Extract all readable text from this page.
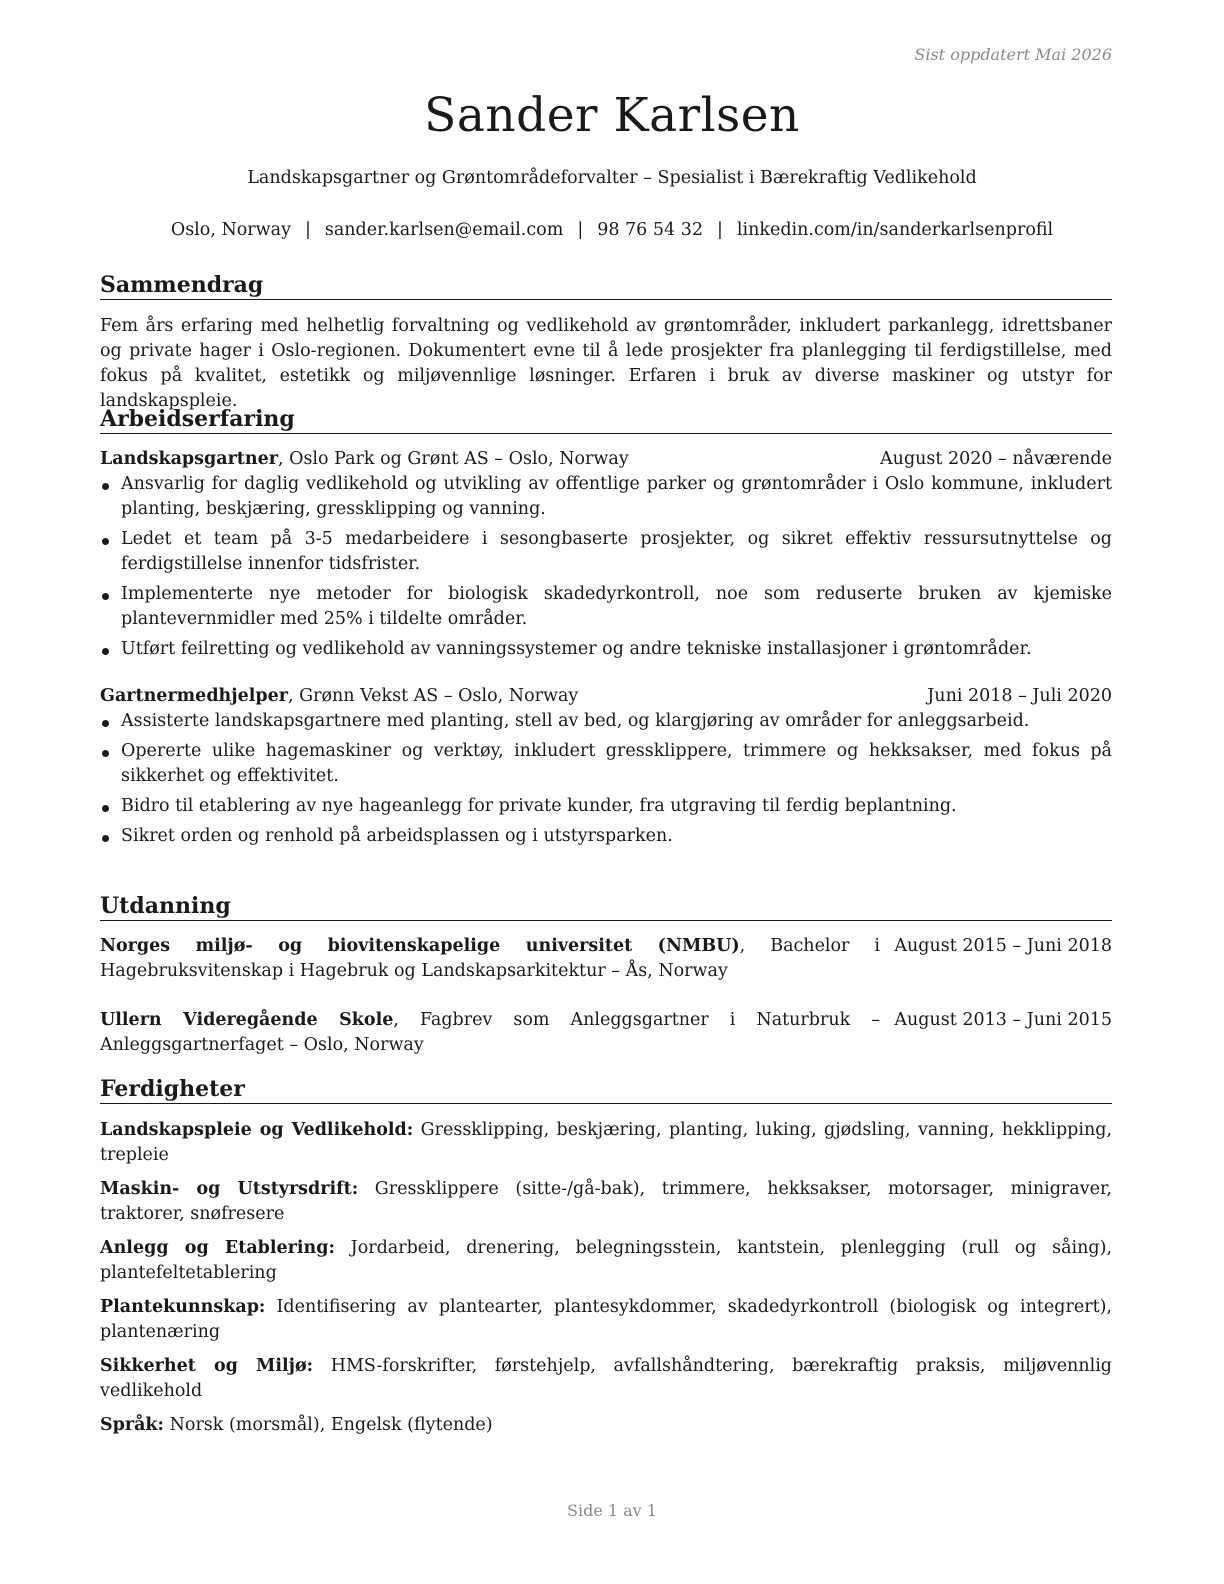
Sist oppdatert Mai 2026
Sander Karlsen
Landskapsgartner og Grøntområdeforvalter – Spesialist i Bærekraftig Vedlikehold
Oslo, Norway | sander.karlsen@email.com | 98 76 54 32 | linkedin.com/in/sanderkarlsenprofil
Sammendrag

Fem års erfaring med helhetlig forvaltning og vedlikehold av grøntområder, inkludert parkanlegg, idrettsbaner og private hager i Oslo-regionen. Dokumentert evne til å lede prosjekter fra planlegging til ferdigstillelse, med fokus på kvalitet, estetikk og miljøvennlige løsninger. Erfaren i bruk av diverse maskiner og utstyr for landskapspleie.

Arbeidserfaring
Landskapsgartner, Oslo Park og Grønt AS – Oslo, Norway	August 2020 – nåværende
Ansvarlig for daglig vedlikehold og utvikling av offentlige parker og grøntområder i Oslo kommune, inkludert planting, beskjæring, gressklipping og vanning.
Ledet et team på 3-5 medarbeidere i sesongbaserte prosjekter, og sikret effektiv ressursutnyttelse og ferdigstillelse innenfor tidsfrister.
Implementerte nye metoder for biologisk skadedyrkontroll, noe som reduserte bruken av kjemiske plantevernmidler med 25% i tildelte områder.
Utført feilretting og vedlikehold av vanningssystemer og andre tekniske installasjoner i grøntområder.
Gartnermedhjelper, Grønn Vekst AS – Oslo, Norway	Juni 2018 – Juli 2020
Assisterte landskapsgartnere med planting, stell av bed, og klargjøring av områder for anleggsarbeid.
Opererte ulike hagemaskiner og verktøy, inkludert gressklippere, trimmere og hekksakser, med fokus på sikkerhet og effektivitet.
Bidro til etablering av nye hageanlegg for private kunder, fra utgraving til ferdig beplantning.
Sikret orden og renhold på arbeidsplassen og i utstyrsparken.
Utdanning
Norges miljø- og biovitenskapelige universitet (NMBU), Bachelor i Hagebruksvitenskap i Hagebruk og Landskapsarkitektur – Ås, Norway
August 2015 – Juni 2018
Ullern Videregående Skole, Fagbrev som Anleggsgartner i Naturbruk – Anleggsgartnerfaget – Oslo, Norway
August 2013 – Juni 2015
Ferdigheter
Landskapspleie og Vedlikehold: Gressklipping, beskjæring, planting, luking, gjødsling, vanning, hekklipping, trepleie
Maskin- og Utstyrsdrift: Gressklippere (sitte-/gå-bak), trimmere, hekksakser, motorsager, minigraver, traktorer, snøfresere
Anlegg og Etablering: Jordarbeid, drenering, belegningsstein, kantstein, plenlegging (rull og såing), plantefeltetablering
Plantekunnskap: Identifisering av plantearter, plantesykdommer, skadedyrkontroll (biologisk og integrert), plantenæring
Sikkerhet og Miljø: HMS-forskrifter, førstehjelp, avfallshåndtering, bærekraftig praksis, miljøvennlig vedlikehold
Språk: Norsk (morsmål), Engelsk (flytende)
Side 1 av 1
